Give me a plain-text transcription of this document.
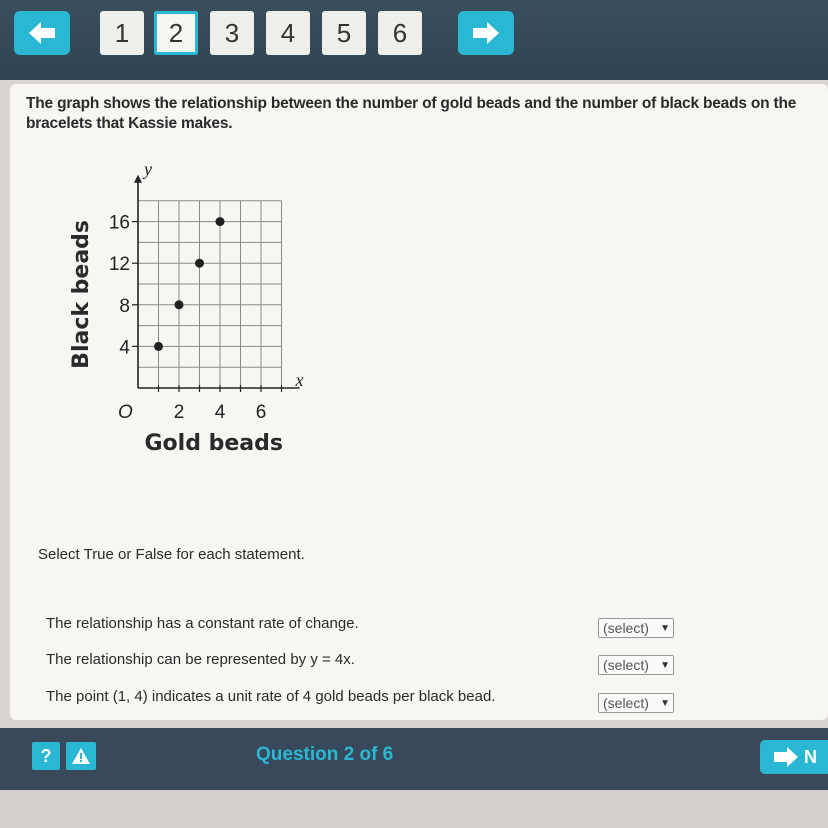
1	2	3	4	5	6
The graph shows the relationship between the number of gold beads and the number of black beads on the bracelets that Kassie makes.
2 4 6
4
8
12
16
O
x
y
Gold beads
Black beads
Select True or False for each statement.
The relationship has a constant rate of change.	(select) ▼
The relationship can be represented by y = 4x.	(select) ▼
The point (1, 4) indicates a unit rate of 4 gold beads per black bead.	(select) ▼
?	Question 2 of 6	N
